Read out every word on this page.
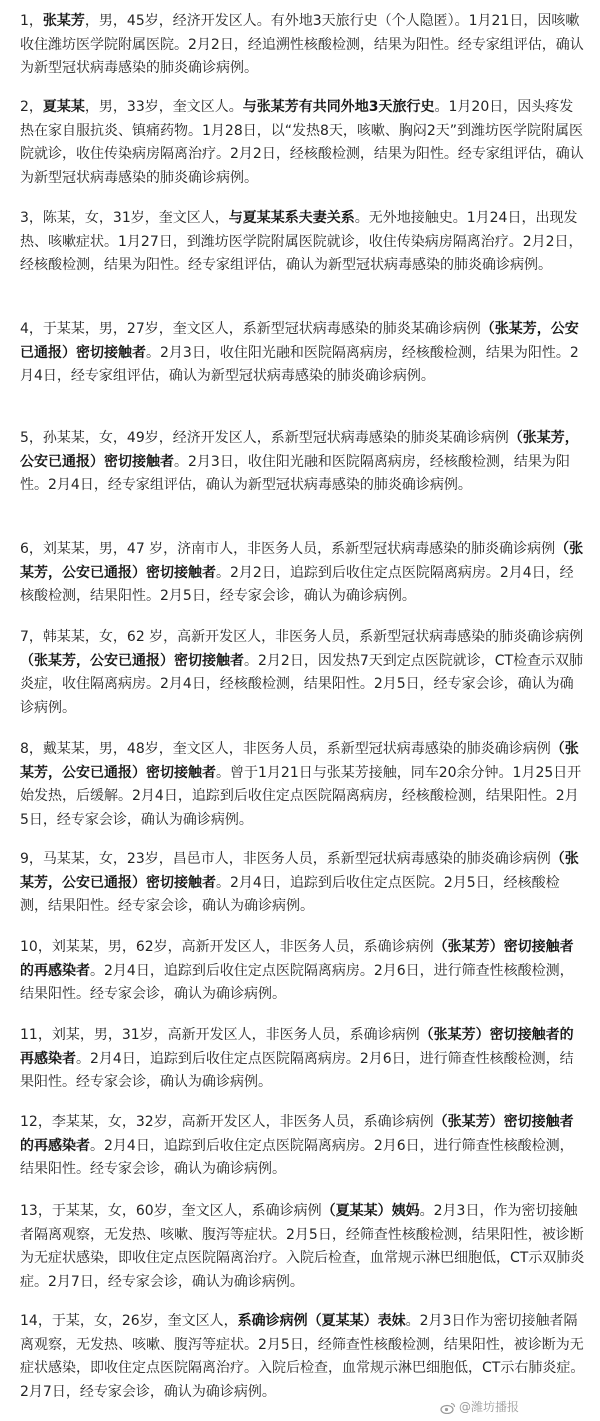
1，张某芳，男，45岁，经济开发区人。有外地3天旅行史（个人隐匿）。1月21日，因咳嗽收住潍坊医学院附属医院。2月2日，经追溯性核酸检测，结果为阳性。经专家组评估，确认为新型冠状病毒感染的肺炎确诊病例。
2，夏某某，男，33岁，奎文区人。与张某芳有共同外地3天旅行史。1月20日，因头疼发热在家自服抗炎、镇痛药物。1月28日，以“发热8天，咳嗽、胸闷2天”到潍坊医学院附属医院就诊，收住传染病房隔离治疗。2月2日，经核酸检测，结果为阳性。经专家组评估，确认为新型冠状病毒感染的肺炎确诊病例。
3，陈某，女，31岁，奎文区人，与夏某某系夫妻关系。无外地接触史。1月24日，出现发热、咳嗽症状。1月27日，到潍坊医学院附属医院就诊，收住传染病房隔离治疗。2月2日，经核酸检测，结果为阳性。经专家组评估，确认为新型冠状病毒感染的肺炎确诊病例。
4，于某某，男，27岁，奎文区人，系新型冠状病毒感染的肺炎某确诊病例（张某芳，公安已通报）密切接触者。2月3日，收住阳光融和医院隔离病房，经核酸检测，结果为阳性。2月4日，经专家组评估，确认为新型冠状病毒感染的肺炎确诊病例。
5，孙某某，女，49岁，经济开发区人，系新型冠状病毒感染的肺炎某确诊病例（张某芳，公安已通报）密切接触者。2月3日，收住阳光融和医院隔离病房，经核酸检测，结果为阳性。2月4日，经专家组评估，确认为新型冠状病毒感染的肺炎确诊病例。
6，刘某某，男，47 岁，济南市人，非医务人员，系新型冠状病毒感染的肺炎确诊病例（张某芳，公安已通报）密切接触者。2月2日，追踪到后收住定点医院隔离病房。2月4日，经核酸检测，结果阳性。2月5日，经专家会诊，确认为确诊病例。
7，韩某某，女，62 岁，高新开发区人，非医务人员，系新型冠状病毒感染的肺炎确诊病例（张某芳，公安已通报）密切接触者。2月2日，因发热7天到定点医院就诊，CT检查示双肺炎症，收住隔离病房。2月4日，经核酸检测，结果阳性。2月5日，经专家会诊，确认为确诊病例。
8，戴某某，男，48岁，奎文区人，非医务人员，系新型冠状病毒感染的肺炎确诊病例（张某芳，公安已通报）密切接触者。曾于1月21日与张某芳接触，同车20余分钟。1月25日开始发热，后缓解。2月4日，追踪到后收住定点医院隔离病房，经核酸检测，结果阳性。2月5日，经专家会诊，确认为确诊病例。
9，马某某，女，23岁，昌邑市人，非医务人员，系新型冠状病毒感染的肺炎确诊病例（张某芳，公安已通报）密切接触者。2月4日，追踪到后收住定点医院。2月5日，经核酸检测，结果阳性。经专家会诊，确认为确诊病例。
10，刘某某，男，62岁，高新开发区人，非医务人员，系确诊病例（张某芳）密切接触者的再感染者。2月4日，追踪到后收住定点医院隔离病房。2月6日，进行筛查性核酸检测，结果阳性。经专家会诊，确认为确诊病例。
11，刘某，男，31岁，高新开发区人，非医务人员，系确诊病例（张某芳）密切接触者的再感染者。2月4日，追踪到后收住定点医院隔离病房。2月6日，进行筛查性核酸检测，结果阳性。经专家会诊，确认为确诊病例。
12，李某某，女，32岁，高新开发区人，非医务人员，系确诊病例（张某芳）密切接触者的再感染者。2月4日，追踪到后收住定点医院隔离病房。2月6日，进行筛查性核酸检测，结果阳性。经专家会诊，确认为确诊病例。
13，于某某，女，60岁，奎文区人，系确诊病例（夏某某）姨妈。2月3日，作为密切接触者隔离观察，无发热、咳嗽、腹泻等症状。2月5日，经筛查性核酸检测，结果阳性，被诊断为无症状感染，即收住定点医院隔离治疗。入院后检查，血常规示淋巴细胞低，CT示双肺炎症。2月7日，经专家会诊，确认为确诊病例。
14，于某，女，26岁，奎文区人，系确诊病例（夏某某）表妹。2月3日作为密切接触者隔离观察，无发热、咳嗽、腹泻等症状。2月5日，经筛查性核酸检测，结果阳性，被诊断为无症状感染，即收住定点医院隔离治疗。入院后检查，血常规示淋巴细胞低，CT示右肺炎症。2月7日，经专家会诊，确认为确诊病例。
@潍坊播报
